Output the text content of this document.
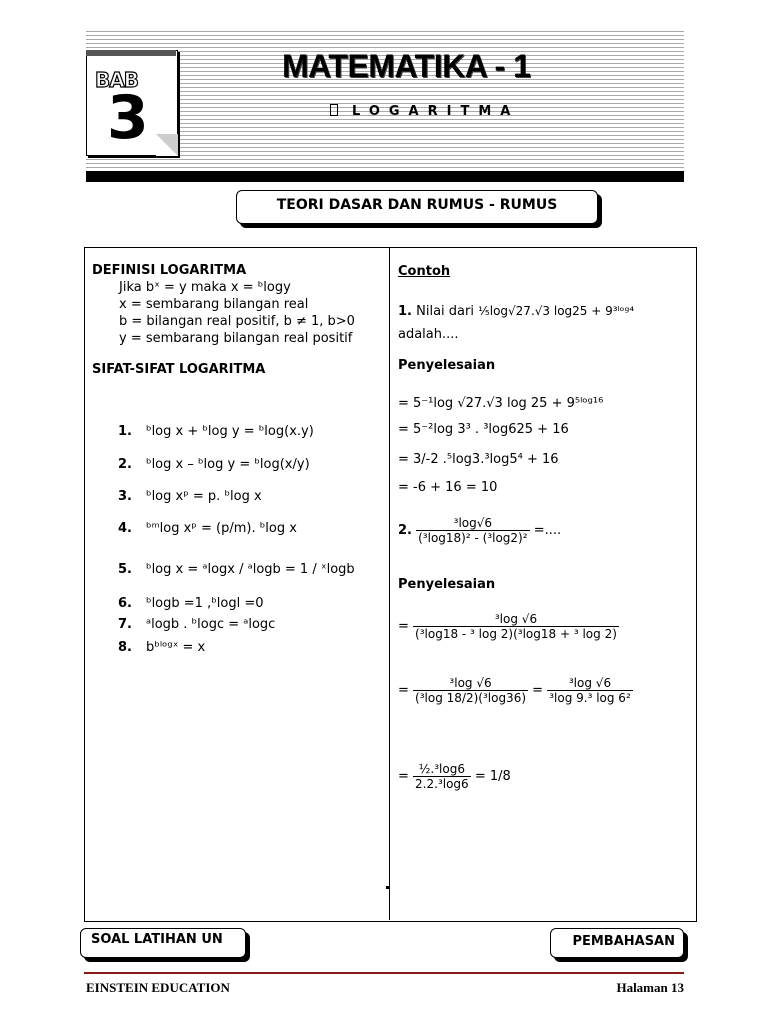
BAB
3
MATEMATIKA - 1
LOGARITMA
TEORI DASAR DAN RUMUS - RUMUS
DEFINISI LOGARITMA
Jika bˣ = y maka x = ᵇlogy
x = sembarang bilangan real
b = bilangan real positif, b ≠ 1, b>0
y = sembarang bilangan real positif
SIFAT-SIFAT LOGARITMA
1. ᵇlog x + ᵇlog y = ᵇlog(x.y)
2. ᵇlog x – ᵇlog y = ᵇlog(x/y)
3. ᵇlog xᵖ = p. ᵇlog x
4. ᵇᵐlog xᵖ = (p/m). ᵇlog x
5. ᵇlog x = ᵃlogx / ᵃlogb = 1 / ˣlogb
6. ᵇlogb =1 ,ᵇlogl =0
7. ᵃlogb . ᵇlogc = ᵃlogc
8. bᵇˡᵒᵍˣ = x
Contoh
1. Nilai dari ¹⁄₅log√27.√3 log25 + 9³ˡᵒᵍ⁴
adalah....
Penyelesaian
= 5⁻¹log √27.√3 log 25 + 9⁵ˡᵒᵍ¹⁶
= 5⁻²log 3³ . ³log625 + 16
= 3/-2 .⁵log3.³log5⁴ + 16
= -6 + 16 = 10
2. $\frac{\text{³log√6}}{\text{(³log18)² - (³log2)²}}$ =....
Penyelesaian
= $\frac{\text{³log √6}}{\text{(³log18 - ³ log 2)(³log18 + ³ log 2)}}$
= $\frac{\text{³log √6}}{\text{(³log 18/2)(³log36)}} = \frac{\text{³log √6}}{\text{³log 9.³ log 6²}}$
= $\frac{\text{½.³log6}}{\text{2.2.³log6}} = 1/8$
SOAL LATIHAN UN	PEMBAHASAN
EINSTEIN EDUCATION	Halaman 13
